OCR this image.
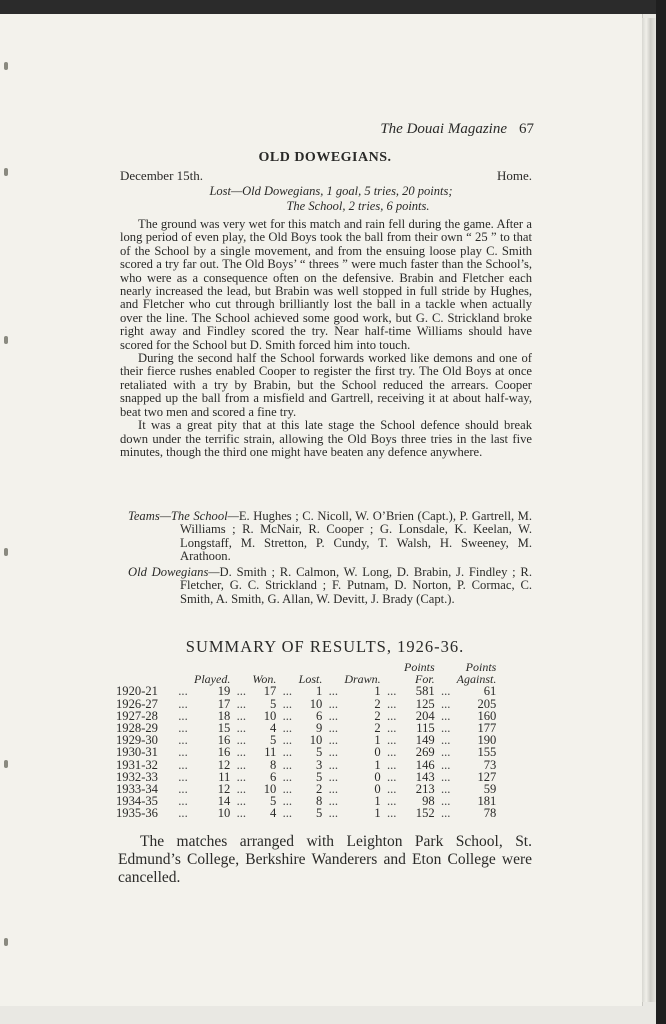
The Douai Magazine 67
OLD DOWEGIANS.
December 15th.	Home.
Lost—Old Dowegians, 1 goal, 5 tries, 20 points;
The School, 2 tries, 6 points.

The ground was very wet for this match and rain fell during the game. After a long period of even play, the Old Boys took the ball from their own “ 25 ” to that of the School by a single movement, and from the ensuing loose play C. Smith scored a try far out. The Old Boys’ “ threes ” were much faster than the School’s, who were as a consequence often on the defensive. Brabin and Fletcher each nearly increased the lead, but Brabin was well stopped in full stride by Hughes, and Fletcher who cut through brilliantly lost the ball in a tackle when actually over the line. The School achieved some good work, but G. C. Strickland broke right away and Findley scored the try. Near half-time Williams should have scored for the School but D. Smith forced him into touch.

During the second half the School forwards worked like demons and one of their fierce rushes enabled Cooper to register the first try. The Old Boys at once retaliated with a try by Brabin, but the School reduced the arrears. Cooper snapped up the ball from a misfield and Gartrell, receiving it at about half-way, beat two men and scored a fine try.

It was a great pity that at this late stage the School defence should break down under the terrific strain, allowing the Old Boys three tries in the last five minutes, though the third one might have beaten any defence anywhere.

Teams—The School—E. Hughes ; C. Nicoll, W. O’Brien (Capt.), P. Gartrell, M. Williams ; R. McNair, R. Cooper ; G. Lonsdale, K. Keelan, W. Longstaff, M. Stretton, P. Cundy, T. Walsh, H. Sweeney, M. Arathoon.

Old Dowegians—D. Smith ; R. Calmon, W. Long, D. Brabin, J. Findley ; R. Fletcher, G. C. Strickland ; F. Putnam, D. Norton, P. Cormac, C. Smith, A. Smith, G. Allan, W. Devitt, J. Brady (Capt.).

SUMMARY OF RESULTS, 1926-36.
										Points		Points
		Played.		Won.		Lost.		Drawn.		For.		Against.
1920-21	...	19	...	17	...	1	...	1	...	581	...	61
1926-27	...	17	...	5	...	10	...	2	...	125	...	205
1927-28	...	18	...	10	...	6	...	2	...	204	...	160
1928-29	...	15	...	4	...	9	...	2	...	115	...	177
1929-30	...	16	...	5	...	10	...	1	...	149	...	190
1930-31	...	16	...	11	...	5	...	0	...	269	...	155
1931-32	...	12	...	8	...	3	...	1	...	146	...	73
1932-33	...	11	...	6	...	5	...	0	...	143	...	127
1933-34	...	12	...	10	...	2	...	0	...	213	...	59
1934-35	...	14	...	5	...	8	...	1	...	98	...	181
1935-36	...	10	...	4	...	5	...	1	...	152	...	78

The matches arranged with Leighton Park School, St. Edmund’s College, Berkshire Wanderers and Eton College were cancelled.
